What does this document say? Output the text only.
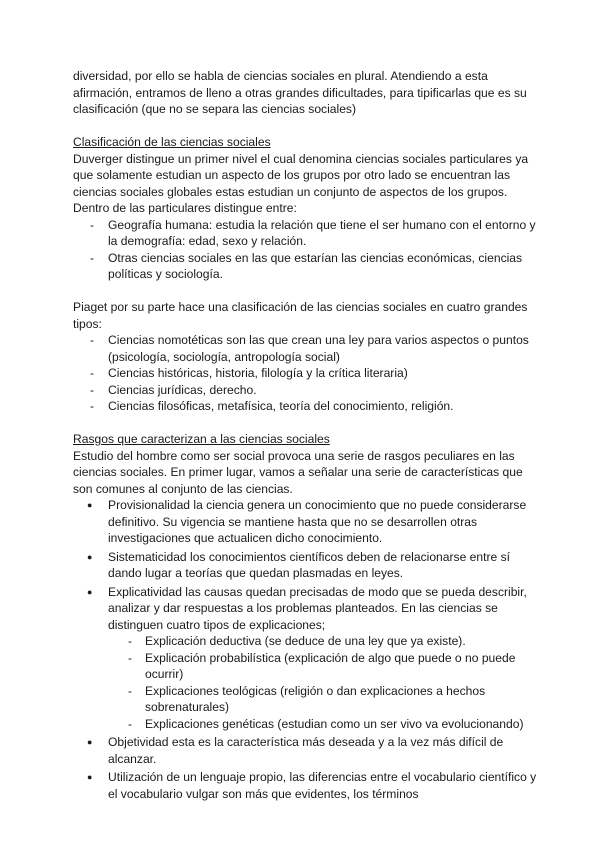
diversidad, por ello se habla de ciencias sociales en plural. Atendiendo a esta afirmación, entramos de lleno a otras grandes dificultades, para tipificarlas que es su clasificación (que no se separa las ciencias sociales)

Clasificación de las ciencias sociales

Duverger distingue un primer nivel el cual denomina ciencias sociales particulares ya que solamente estudian un aspecto de los grupos por otro lado se encuentran las ciencias sociales globales estas estudian un conjunto de aspectos de los grupos. Dentro de las particulares distingue entre:

- Geografía humana: estudia la relación que tiene el ser humano con el entorno y la demografía: edad, sexo y relación.
- Otras ciencias sociales en las que estarían las ciencias económicas, ciencias políticas y sociología.

Piaget por su parte hace una clasificación de las ciencias sociales en cuatro grandes tipos:

- Ciencias nomotéticas son las que crean una ley para varios aspectos o puntos (psicología, sociología, antropología social)
- Ciencias históricas, historia, filología y la crítica literaria)
- Ciencias jurídicas, derecho.
- Ciencias filosóficas, metafísica, teoría del conocimiento, religión.

Rasgos que caracterizan a las ciencias sociales

Estudio del hombre como ser social provoca una serie de rasgos peculiares en las ciencias sociales. En primer lugar, vamos a señalar una serie de características que son comunes al conjunto de las ciencias.

● Provisionalidad la ciencia genera un conocimiento que no puede considerarse definitivo. Su vigencia se mantiene hasta que no se desarrollen otras investigaciones que actualicen dicho conocimiento.
● Sistematicidad los conocimientos científicos deben de relacionarse entre sí dando lugar a teorías que quedan plasmadas en leyes.
● Explicatividad las causas quedan precisadas de modo que se pueda describir, analizar y dar respuestas a los problemas planteados. En las ciencias se distinguen cuatro tipos de explicaciones;
- Explicación deductiva (se deduce de una ley que ya existe).
- Explicación probabilística (explicación de algo que puede o no puede ocurrir)
- Explicaciones teológicas (religión o dan explicaciones a hechos sobrenaturales)
- Explicaciones genéticas (estudian como un ser vivo va evolucionando)
● Objetividad esta es la característica más deseada y a la vez más difícil de alcanzar.
● Utilización de un lenguaje propio, las diferencias entre el vocabulario científico y el vocabulario vulgar son más que evidentes, los términos
